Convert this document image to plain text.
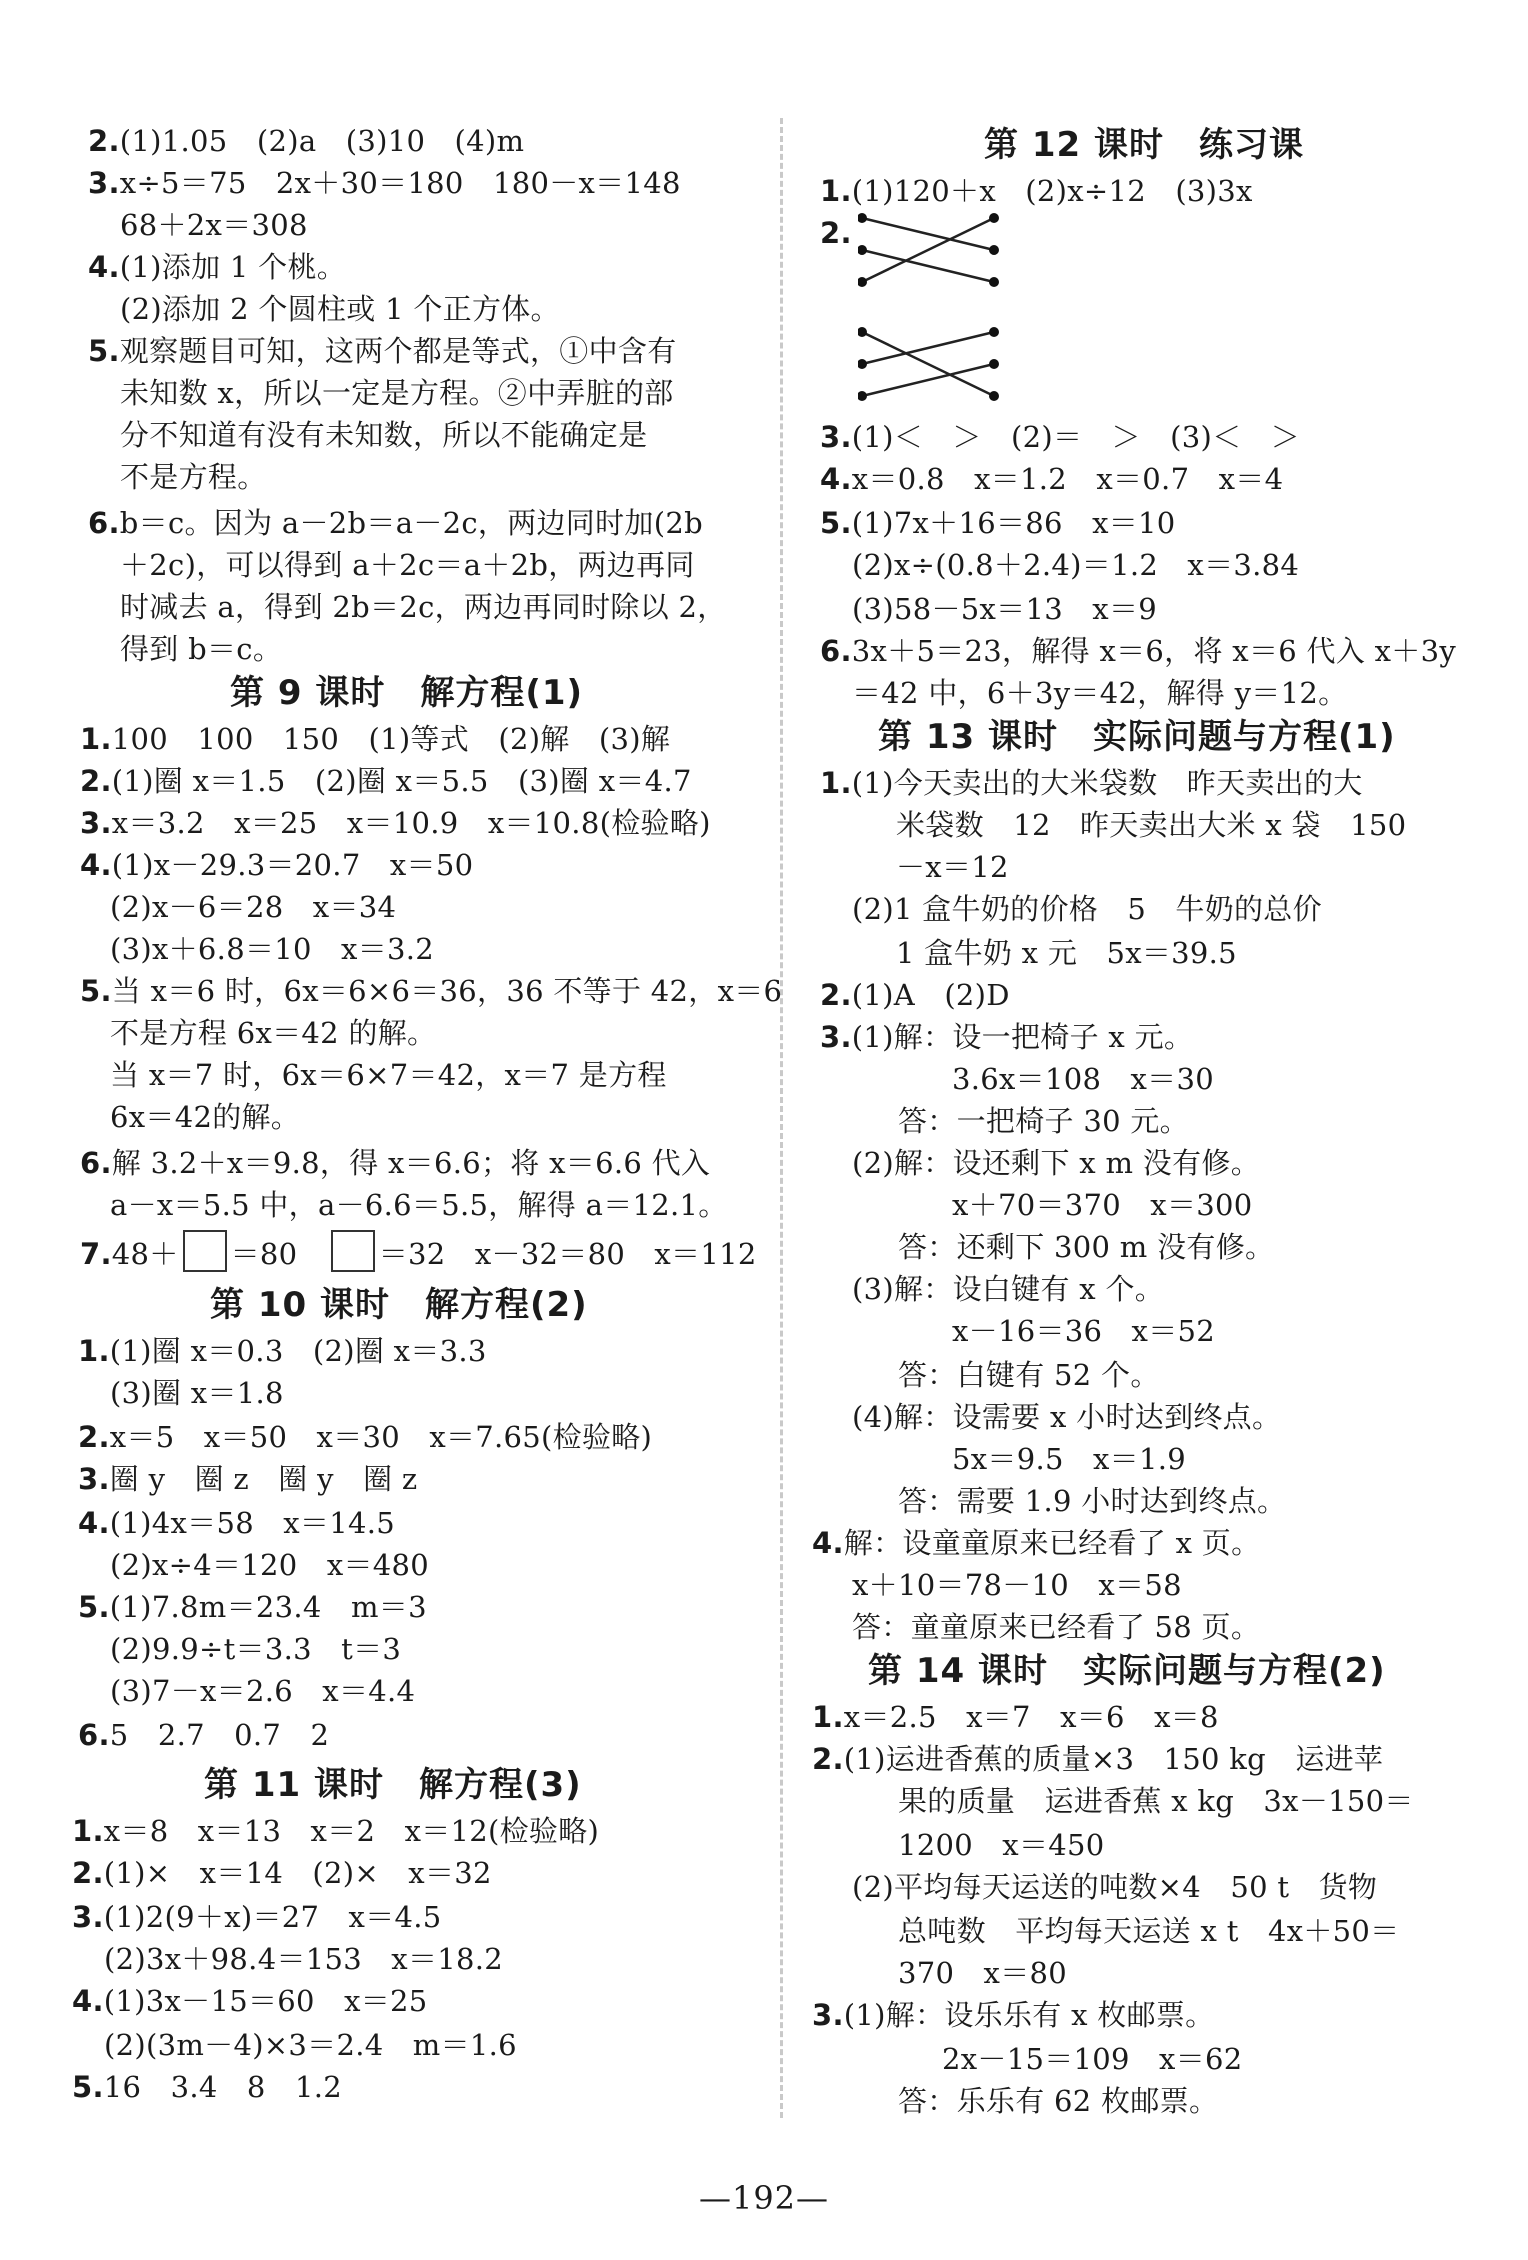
2.(1)1.05　(2)a　(3)10　(4)m
3.x÷5＝75　2x＋30＝180　180－x＝148
68＋2x＝308
4.(1)添加 1 个桃。
(2)添加 2 个圆柱或 1 个正方体。
5.观察题目可知，这两个都是等式，①中含有
未知数 x，所以一定是方程。②中弄脏的部
分不知道有没有未知数，所以不能确定是
不是方程。
6.b＝c。因为 a－2b＝a－2c，两边同时加(2b
＋2c)，可以得到 a＋2c＝a＋2b，两边再同
时减去 a，得到 2b＝2c，两边再同时除以 2，
得到 b＝c。
第 9 课时　解方程(1)
1.100　100　150　(1)等式　(2)解　(3)解
2.(1)圈 x＝1.5　(2)圈 x＝5.5　(3)圈 x＝4.7
3.x＝3.2　x＝25　x＝10.9　x＝10.8(检验略)
4.(1)x－29.3＝20.7　x＝50
(2)x－6＝28　x＝34
(3)x＋6.8＝10　x＝3.2
5.当 x＝6 时，6x＝6×6＝36，36 不等于 42，x＝6
不是方程 6x＝42 的解。
当 x＝7 时，6x＝6×7＝42，x＝7 是方程
6x＝42的解。
6.解 3.2＋x＝9.8，得 x＝6.6；将 x＝6.6 代入
a－x＝5.5 中，a－6.6＝5.5，解得 a＝12.1。
7.48＋ ＝80　	＝32　x－32＝80　x＝112
第 10 课时　解方程(2)
1.(1)圈 x＝0.3　(2)圈 x＝3.3
(3)圈 x＝1.8
2.x＝5　x＝50　x＝30　x＝7.65(检验略)
3.圈 y　圈 z　圈 y　圈 z
4.(1)4x＝58　x＝14.5
(2)x÷4＝120　x＝480
5.(1)7.8m＝23.4　m＝3
(2)9.9÷t＝3.3　t＝3
(3)7－x＝2.6　x＝4.4
6.5　2.7　0.7　2
第 11 课时　解方程(3)
1.x＝8　x＝13　x＝2　x＝12(检验略)
2.(1)×　x＝14　(2)×　x＝32
3.(1)2(9＋x)＝27　x＝4.5
(2)3x＋98.4＝153　x＝18.2
4.(1)3x－15＝60　x＝25
(2)(3m－4)×3＝2.4　m＝1.6
5.16　3.4　8　1.2
第 12 课时　练习课
1.(1)120＋x　(2)x÷12　(3)3x
2.
3.(1)＜　＞　(2)＝　＞　(3)＜　＞
4.x＝0.8　x＝1.2　x＝0.7　x＝4
5.(1)7x＋16＝86　x＝10
(2)x÷(0.8＋2.4)＝1.2　x＝3.84
(3)58－5x＝13　x＝9
6.3x＋5＝23，解得 x＝6，将 x＝6 代入 x＋3y
＝42 中，6＋3y＝42，解得 y＝12。
第 13 课时　实际问题与方程(1)
1.(1)今天卖出的大米袋数　昨天卖出的大
米袋数　12　昨天卖出大米 x 袋　150
－x＝12
(2)1 盒牛奶的价格　5　牛奶的总价
1 盒牛奶 x 元　5x＝39.5
2.(1)A　(2)D
3.(1)解：设一把椅子 x 元。
3.6x＝108　x＝30
答：一把椅子 30 元。
(2)解：设还剩下 x m 没有修。
x＋70＝370　x＝300
答：还剩下 300 m 没有修。
(3)解：设白键有 x 个。
x－16＝36　x＝52
答：白键有 52 个。
(4)解：设需要 x 小时达到终点。
5x＝9.5　x＝1.9
答：需要 1.9 小时达到终点。
4.解：设童童原来已经看了 x 页。
x＋10＝78－10　x＝58
答：童童原来已经看了 58 页。
第 14 课时　实际问题与方程(2)
1.x＝2.5　x＝7　x＝6　x＝8
2.(1)运进香蕉的质量×3　150 kg　运进苹
果的质量　运进香蕉 x kg　3x－150＝
1200　x＝450
(2)平均每天运送的吨数×4　50 t　货物
总吨数　平均每天运送 x t　4x＋50＝
370　x＝80
3.(1)解：设乐乐有 x 枚邮票。
2x－15＝109　x＝62
答：乐乐有 62 枚邮票。
—192—
